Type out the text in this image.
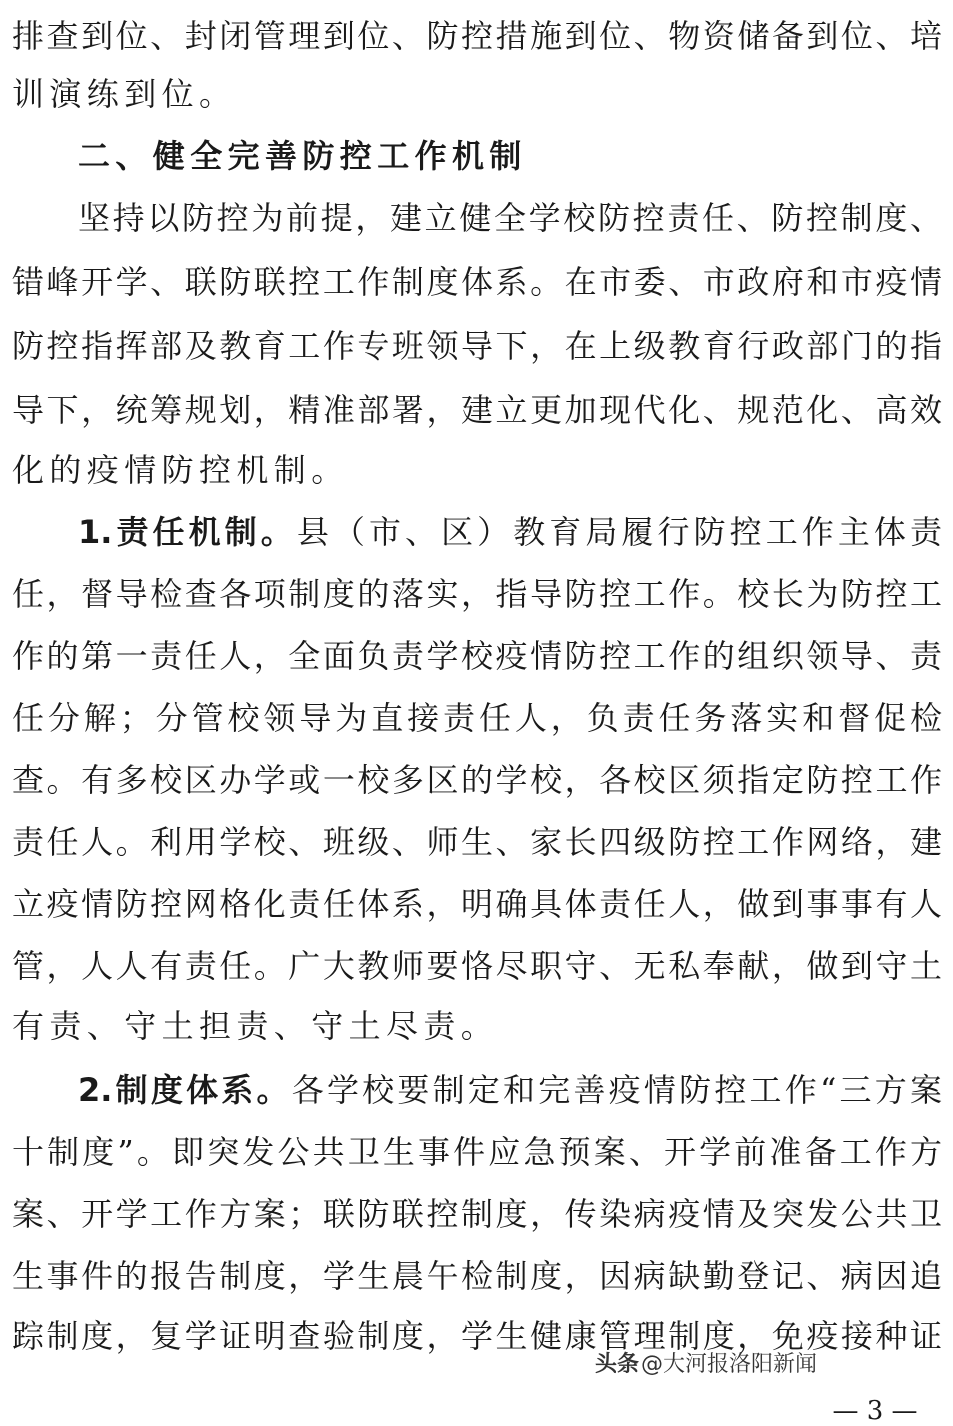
排查到位、封闭管理到位、防控措施到位、物资储备到位、培
训演练到位。
二、健全完善防控工作机制
坚持以防控为前提，建立健全学校防控责任、防控制度、
错峰开学、联防联控工作制度体系。在市委、市政府和市疫情
防控指挥部及教育工作专班领导下，在上级教育行政部门的指
导下，统筹规划，精准部署，建立更加现代化、规范化、高效
化的疫情防控机制。
1.责任机制。县（市、区）教育局履行防控工作主体责
任，督导检查各项制度的落实，指导防控工作。校长为防控工
作的第一责任人，全面负责学校疫情防控工作的组织领导、责
任分解；分管校领导为直接责任人，负责任务落实和督促检
查。有多校区办学或一校多区的学校，各校区须指定防控工作
责任人。利用学校、班级、师生、家长四级防控工作网络，建
立疫情防控网格化责任体系，明确具体责任人，做到事事有人
管，人人有责任。广大教师要恪尽职守、无私奉献，做到守土
有责、守土担责、守土尽责。
2.制度体系。各学校要制定和完善疫情防控工作“三方案
十制度”。即突发公共卫生事件应急预案、开学前准备工作方
案、开学工作方案；联防联控制度，传染病疫情及突发公共卫
生事件的报告制度，学生晨午检制度，因病缺勤登记、病因追
踪制度，复学证明查验制度，学生健康管理制度，免疫接种证
头条@大河报洛阳新闻
— 3 —
